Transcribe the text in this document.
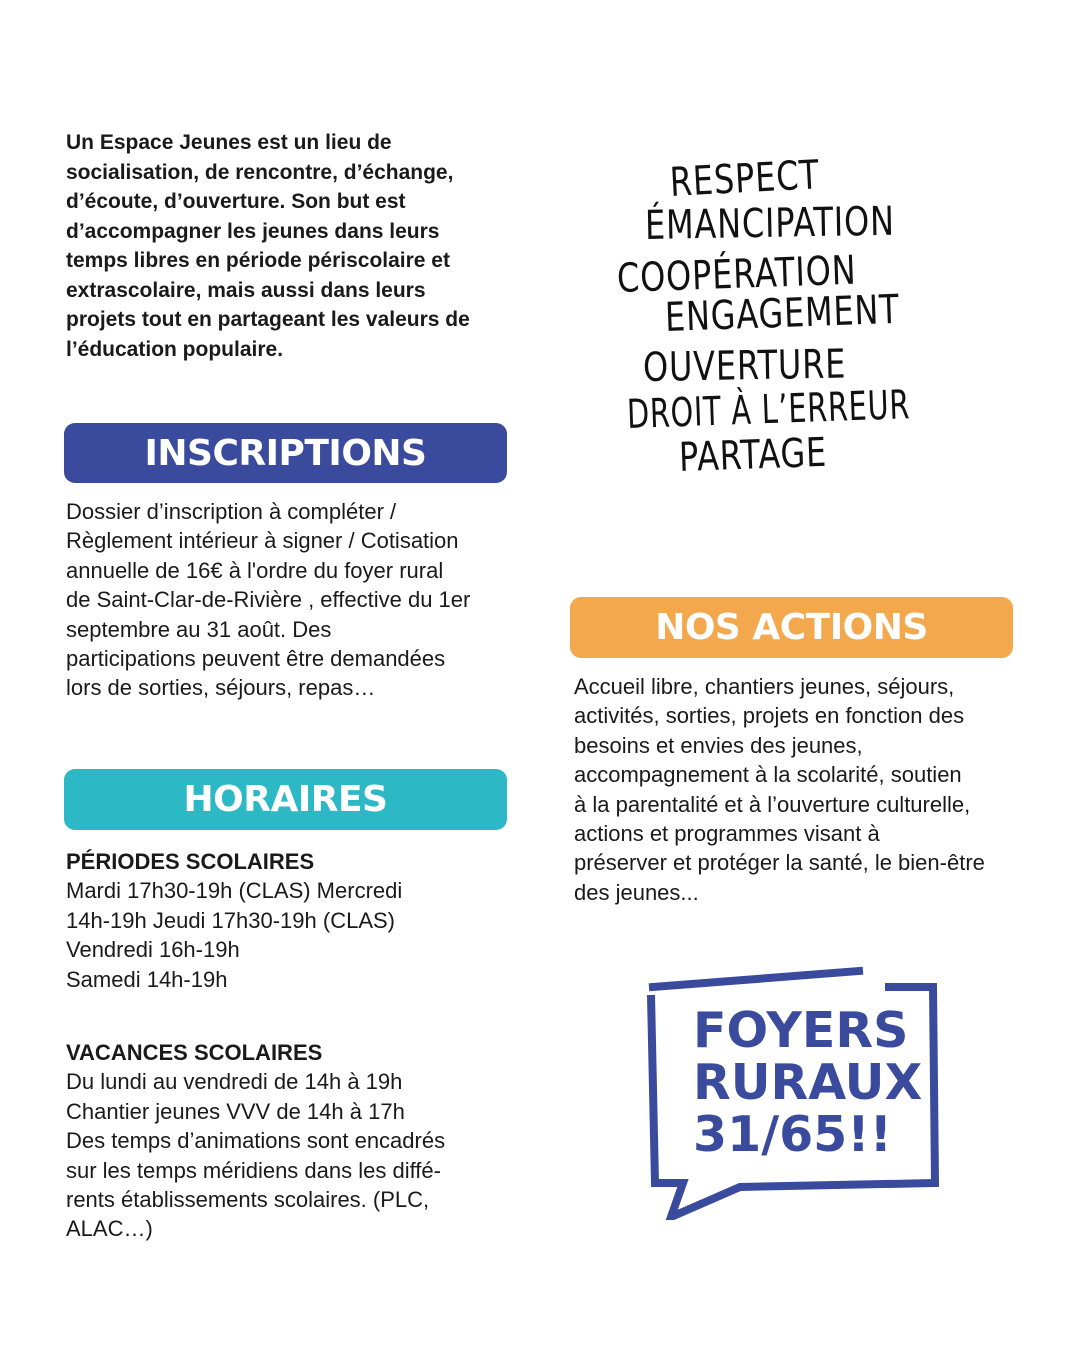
Un Espace Jeunes est un lieu de
socialisation, de rencontre, d’échange,
d’écoute, d’ouverture. Son but est
d’accompagner les jeunes dans leurs
temps libres en période périscolaire et
extrascolaire, mais aussi dans leurs
projets tout en partageant les valeurs de
l’éducation populaire.
RESPECT
ÉMANCIPATION
COOPÉRATION
ENGAGEMENT
OUVERTURE
DROIT À L’ERREUR
PARTAGE
INSCRIPTIONS
Dossier d’inscription à compléter /
Règlement intérieur à signer / Cotisation
annuelle de 16€ à l'ordre du foyer rural
de Saint-Clar-de-Rivière , effective du 1er
septembre au 31 août. Des
participations peuvent être demandées
lors de sorties, séjours, repas…
NOS ACTIONS
Accueil libre, chantiers jeunes, séjours,
activités, sorties, projets en fonction des
besoins et envies des jeunes,
accompagnement à la scolarité, soutien
à la parentalité et à l’ouverture culturelle,
actions et programmes visant à
préserver et protéger la santé, le bien-être
des jeunes...
HORAIRES
PÉRIODES SCOLAIRES
Mardi 17h30-19h (CLAS) Mercredi
14h-19h Jeudi 17h30-19h (CLAS)
Vendredi 16h-19h
Samedi 14h-19h
VACANCES SCOLAIRES
Du lundi au vendredi de 14h à 19h
Chantier jeunes VVV de 14h à 17h
Des temps d’animations sont encadrés
sur les temps méridiens dans les diffé-
rents établissements scolaires. (PLC,
ALAC…)
FOYERS
RURAUX
31/65!!
